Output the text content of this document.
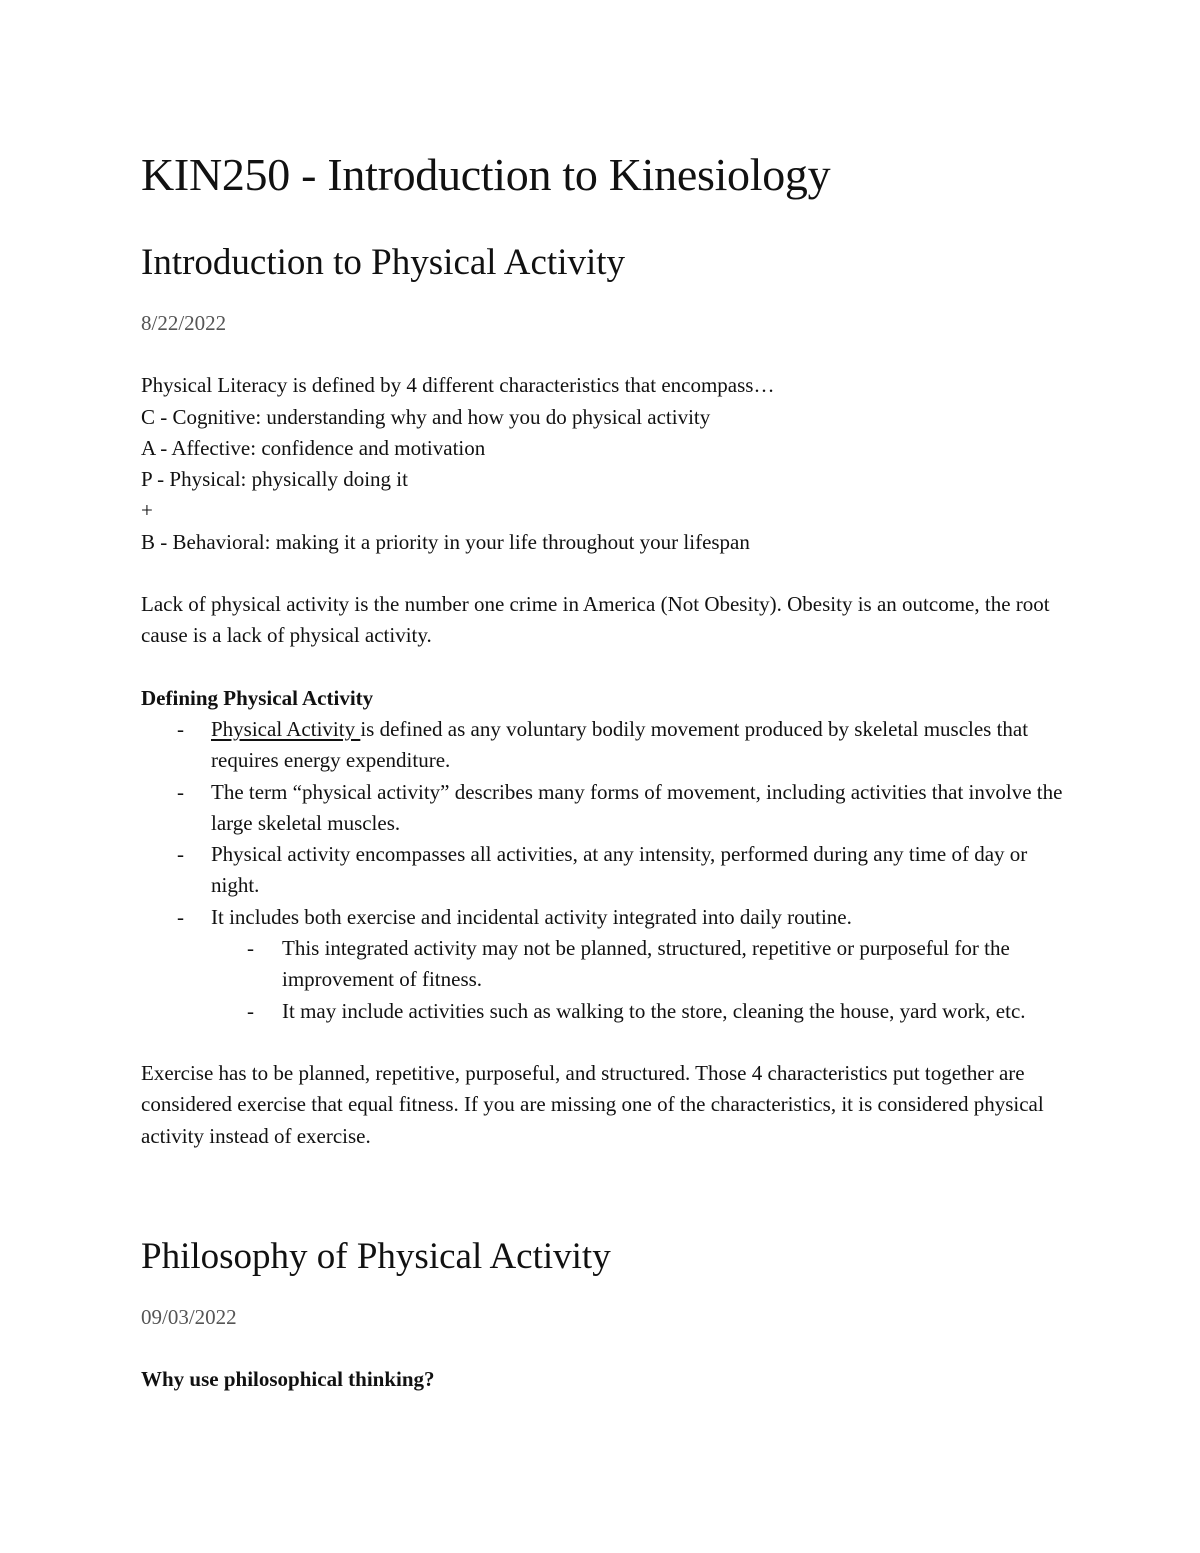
KIN250 - Introduction to Kinesiology
Introduction to Physical Activity

8/22/2022

Physical Literacy is defined by 4 different characteristics that encompass…

C - Cognitive: understanding why and how you do physical activity

A - Affective: confidence and motivation

P - Physical: physically doing it

+

B - Behavioral: making it a priority in your life throughout your lifespan

Lack of physical activity is the number one crime in America (Not Obesity). Obesity is an outcome, the root cause is a lack of physical activity.

Defining Physical Activity

- Physical Activity is defined as any voluntary bodily movement produced by skeletal muscles that requires energy expenditure.
- The term “physical activity” describes many forms of movement, including activities that involve the large skeletal muscles.
- Physical activity encompasses all activities, at any intensity, performed during any time of day or night.
- It includes both exercise and incidental activity integrated into daily routine.
- This integrated activity may not be planned, structured, repetitive or purposeful for the improvement of fitness.
- It may include activities such as walking to the store, cleaning the house, yard work, etc.

Exercise has to be planned, repetitive, purposeful, and structured. Those 4 characteristics put together are considered exercise that equal fitness. If you are missing one of the characteristics, it is considered physical activity instead of exercise.

Philosophy of Physical Activity

09/03/2022

Why use philosophical thinking?
